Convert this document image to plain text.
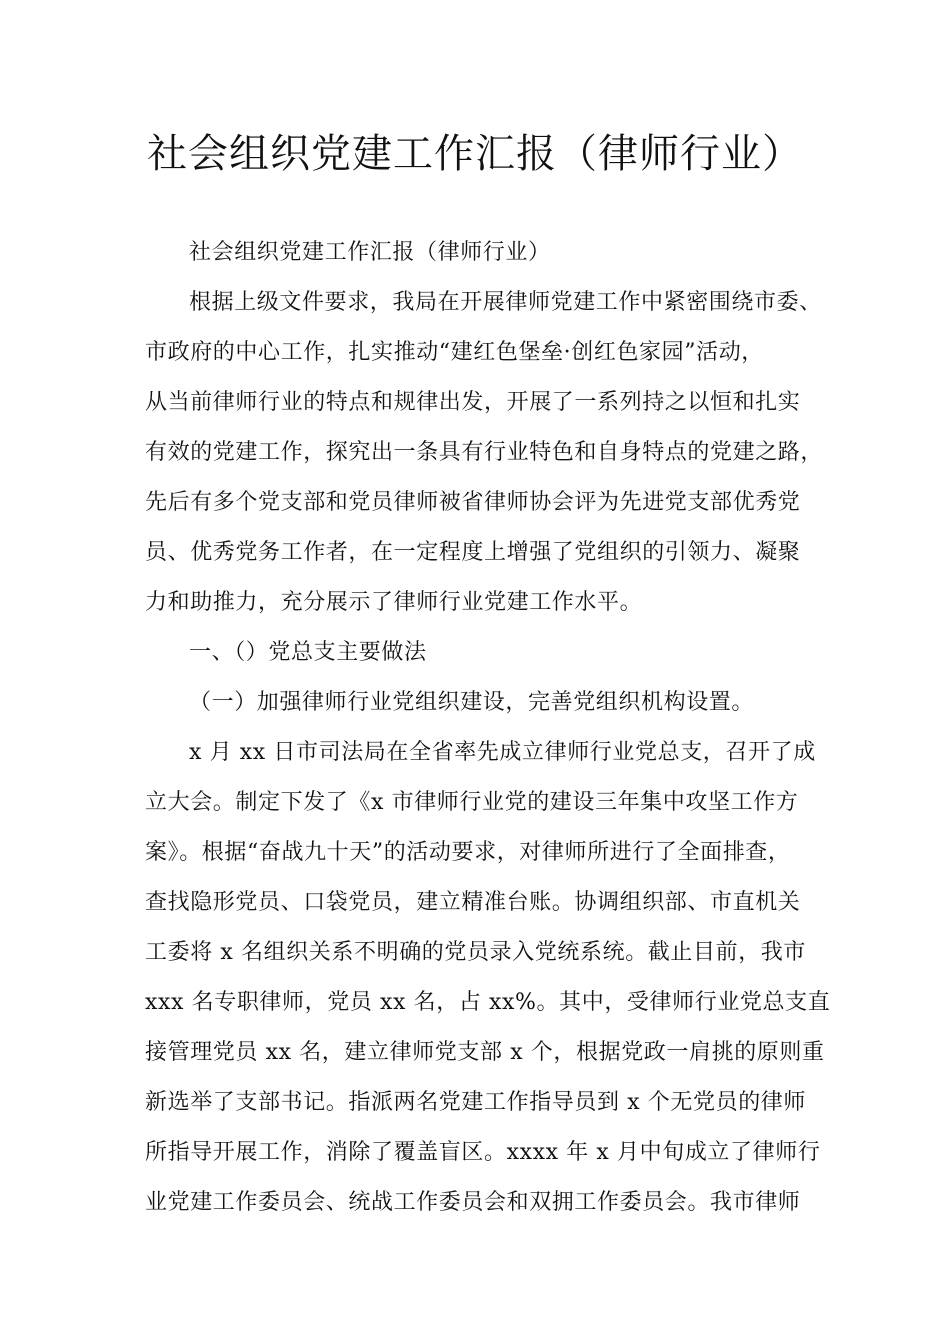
社会组织党建工作汇报（律师行业）
社会组织党建工作汇报（律师行业）
根据上级文件要求，我局在开展律师党建工作中紧密围绕市委、
市政府的中心工作，扎实推动“建红色堡垒·创红色家园”活动，
从当前律师行业的特点和规律出发，开展了一系列持之以恒和扎实
有效的党建工作，探究出一条具有行业特色和自身特点的党建之路，
先后有多个党支部和党员律师被省律师协会评为先进党支部优秀党
员、优秀党务工作者，在一定程度上增强了党组织的引领力、凝聚
力和助推力，充分展示了律师行业党建工作水平。
一、（）党总支主要做法
（一）加强律师行业党组织建设，完善党组织机构设置。
x 月 xx 日市司法局在全省率先成立律师行业党总支，召开了成
立大会。制定下发了《x 市律师行业党的建设三年集中攻坚工作方
案》。根据“奋战九十天”的活动要求，对律师所进行了全面排查，
查找隐形党员、口袋党员，建立精准台账。协调组织部、市直机关
工委将 x 名组织关系不明确的党员录入党统系统。截止目前，我市
xxx 名专职律师，党员 xx 名，占 xx%。其中，受律师行业党总支直
接管理党员 xx 名，建立律师党支部 x 个，根据党政一肩挑的原则重
新选举了支部书记。指派两名党建工作指导员到 x 个无党员的律师
所指导开展工作，消除了覆盖盲区。xxxx 年 x 月中旬成立了律师行
业党建工作委员会、统战工作委员会和双拥工作委员会。我市律师
